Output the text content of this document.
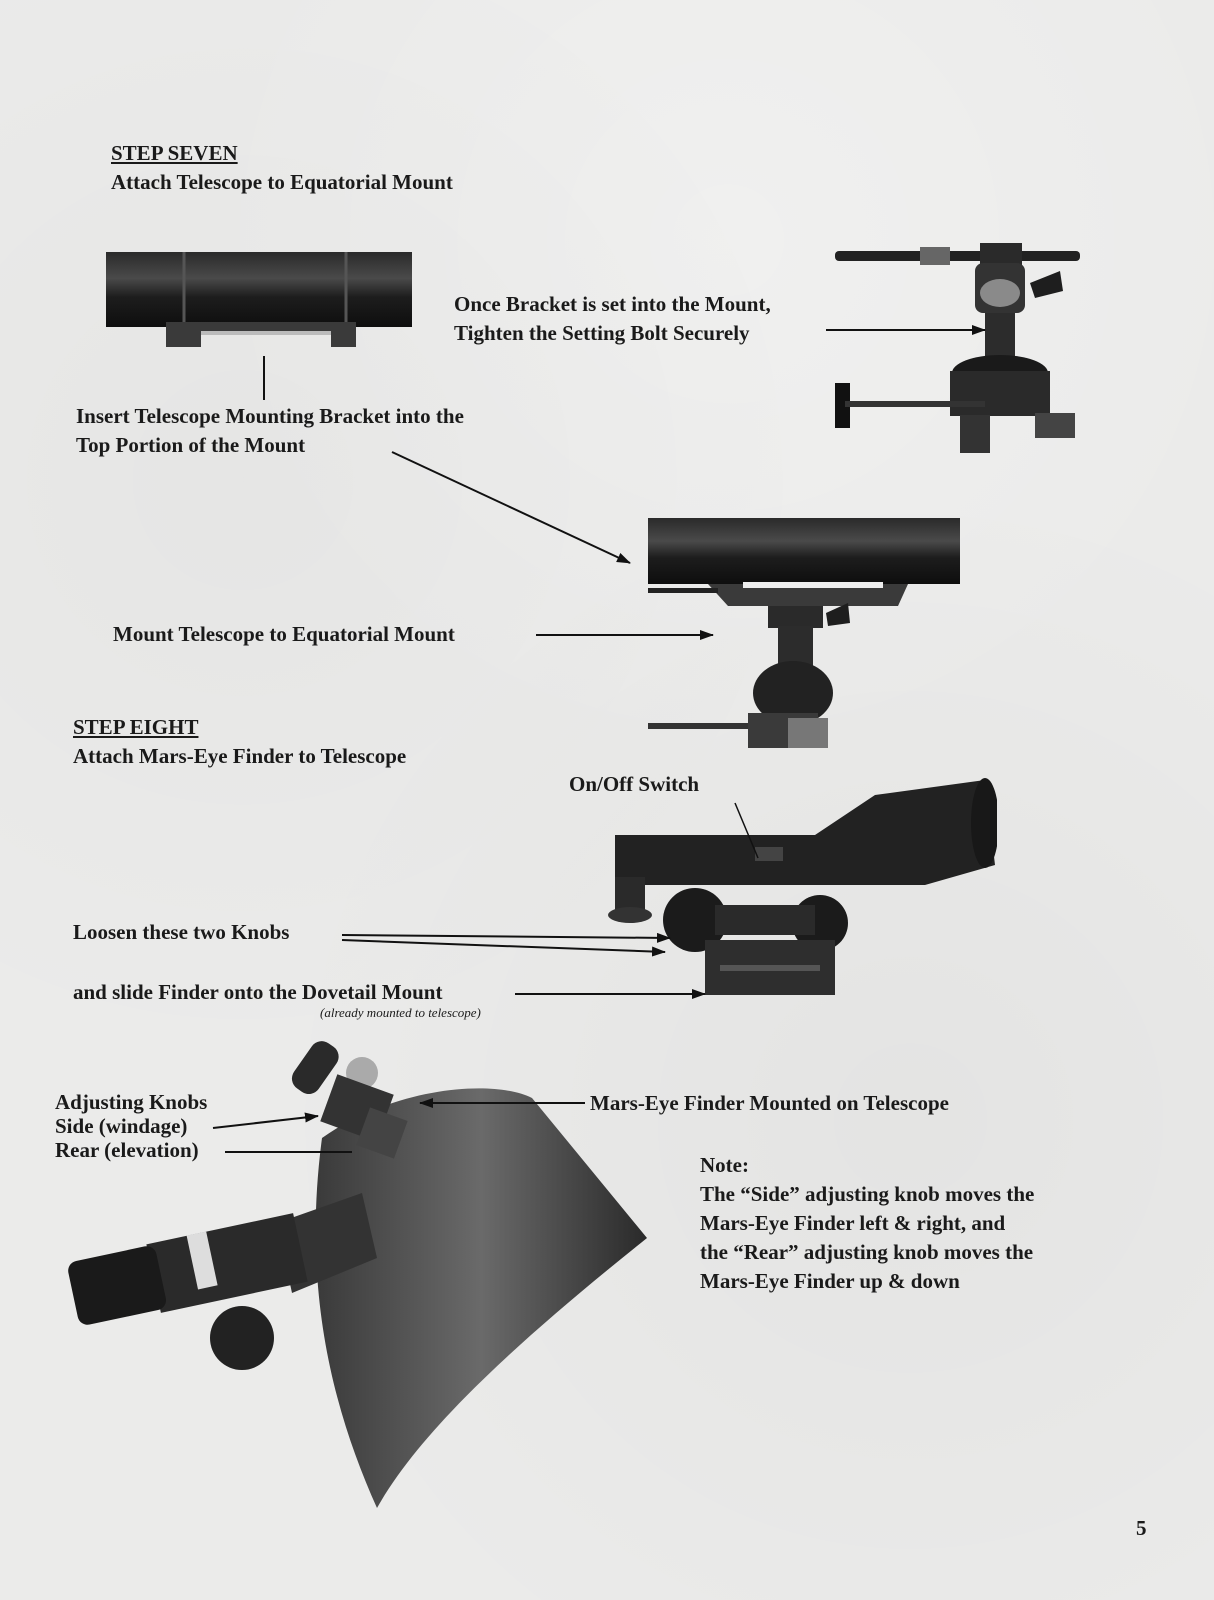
STEP SEVEN
Attach Telescope to Equatorial Mount
Once Bracket is set into the Mount,
Tighten the Setting Bolt Securely
Insert Telescope Mounting Bracket into the
Top Portion of the Mount
Mount Telescope to Equatorial Mount
STEP EIGHT
Attach Mars-Eye Finder to Telescope
On/Off Switch
Loosen these two Knobs
and slide Finder onto the Dovetail Mount
(already mounted to telescope)
Adjusting Knobs
Side (windage)
Rear (elevation)
Mars-Eye Finder Mounted on Telescope
Note:
The “Side” adjusting knob moves the
Mars-Eye Finder left & right, and
the “Rear” adjusting knob moves the
Mars-Eye Finder up & down
5
